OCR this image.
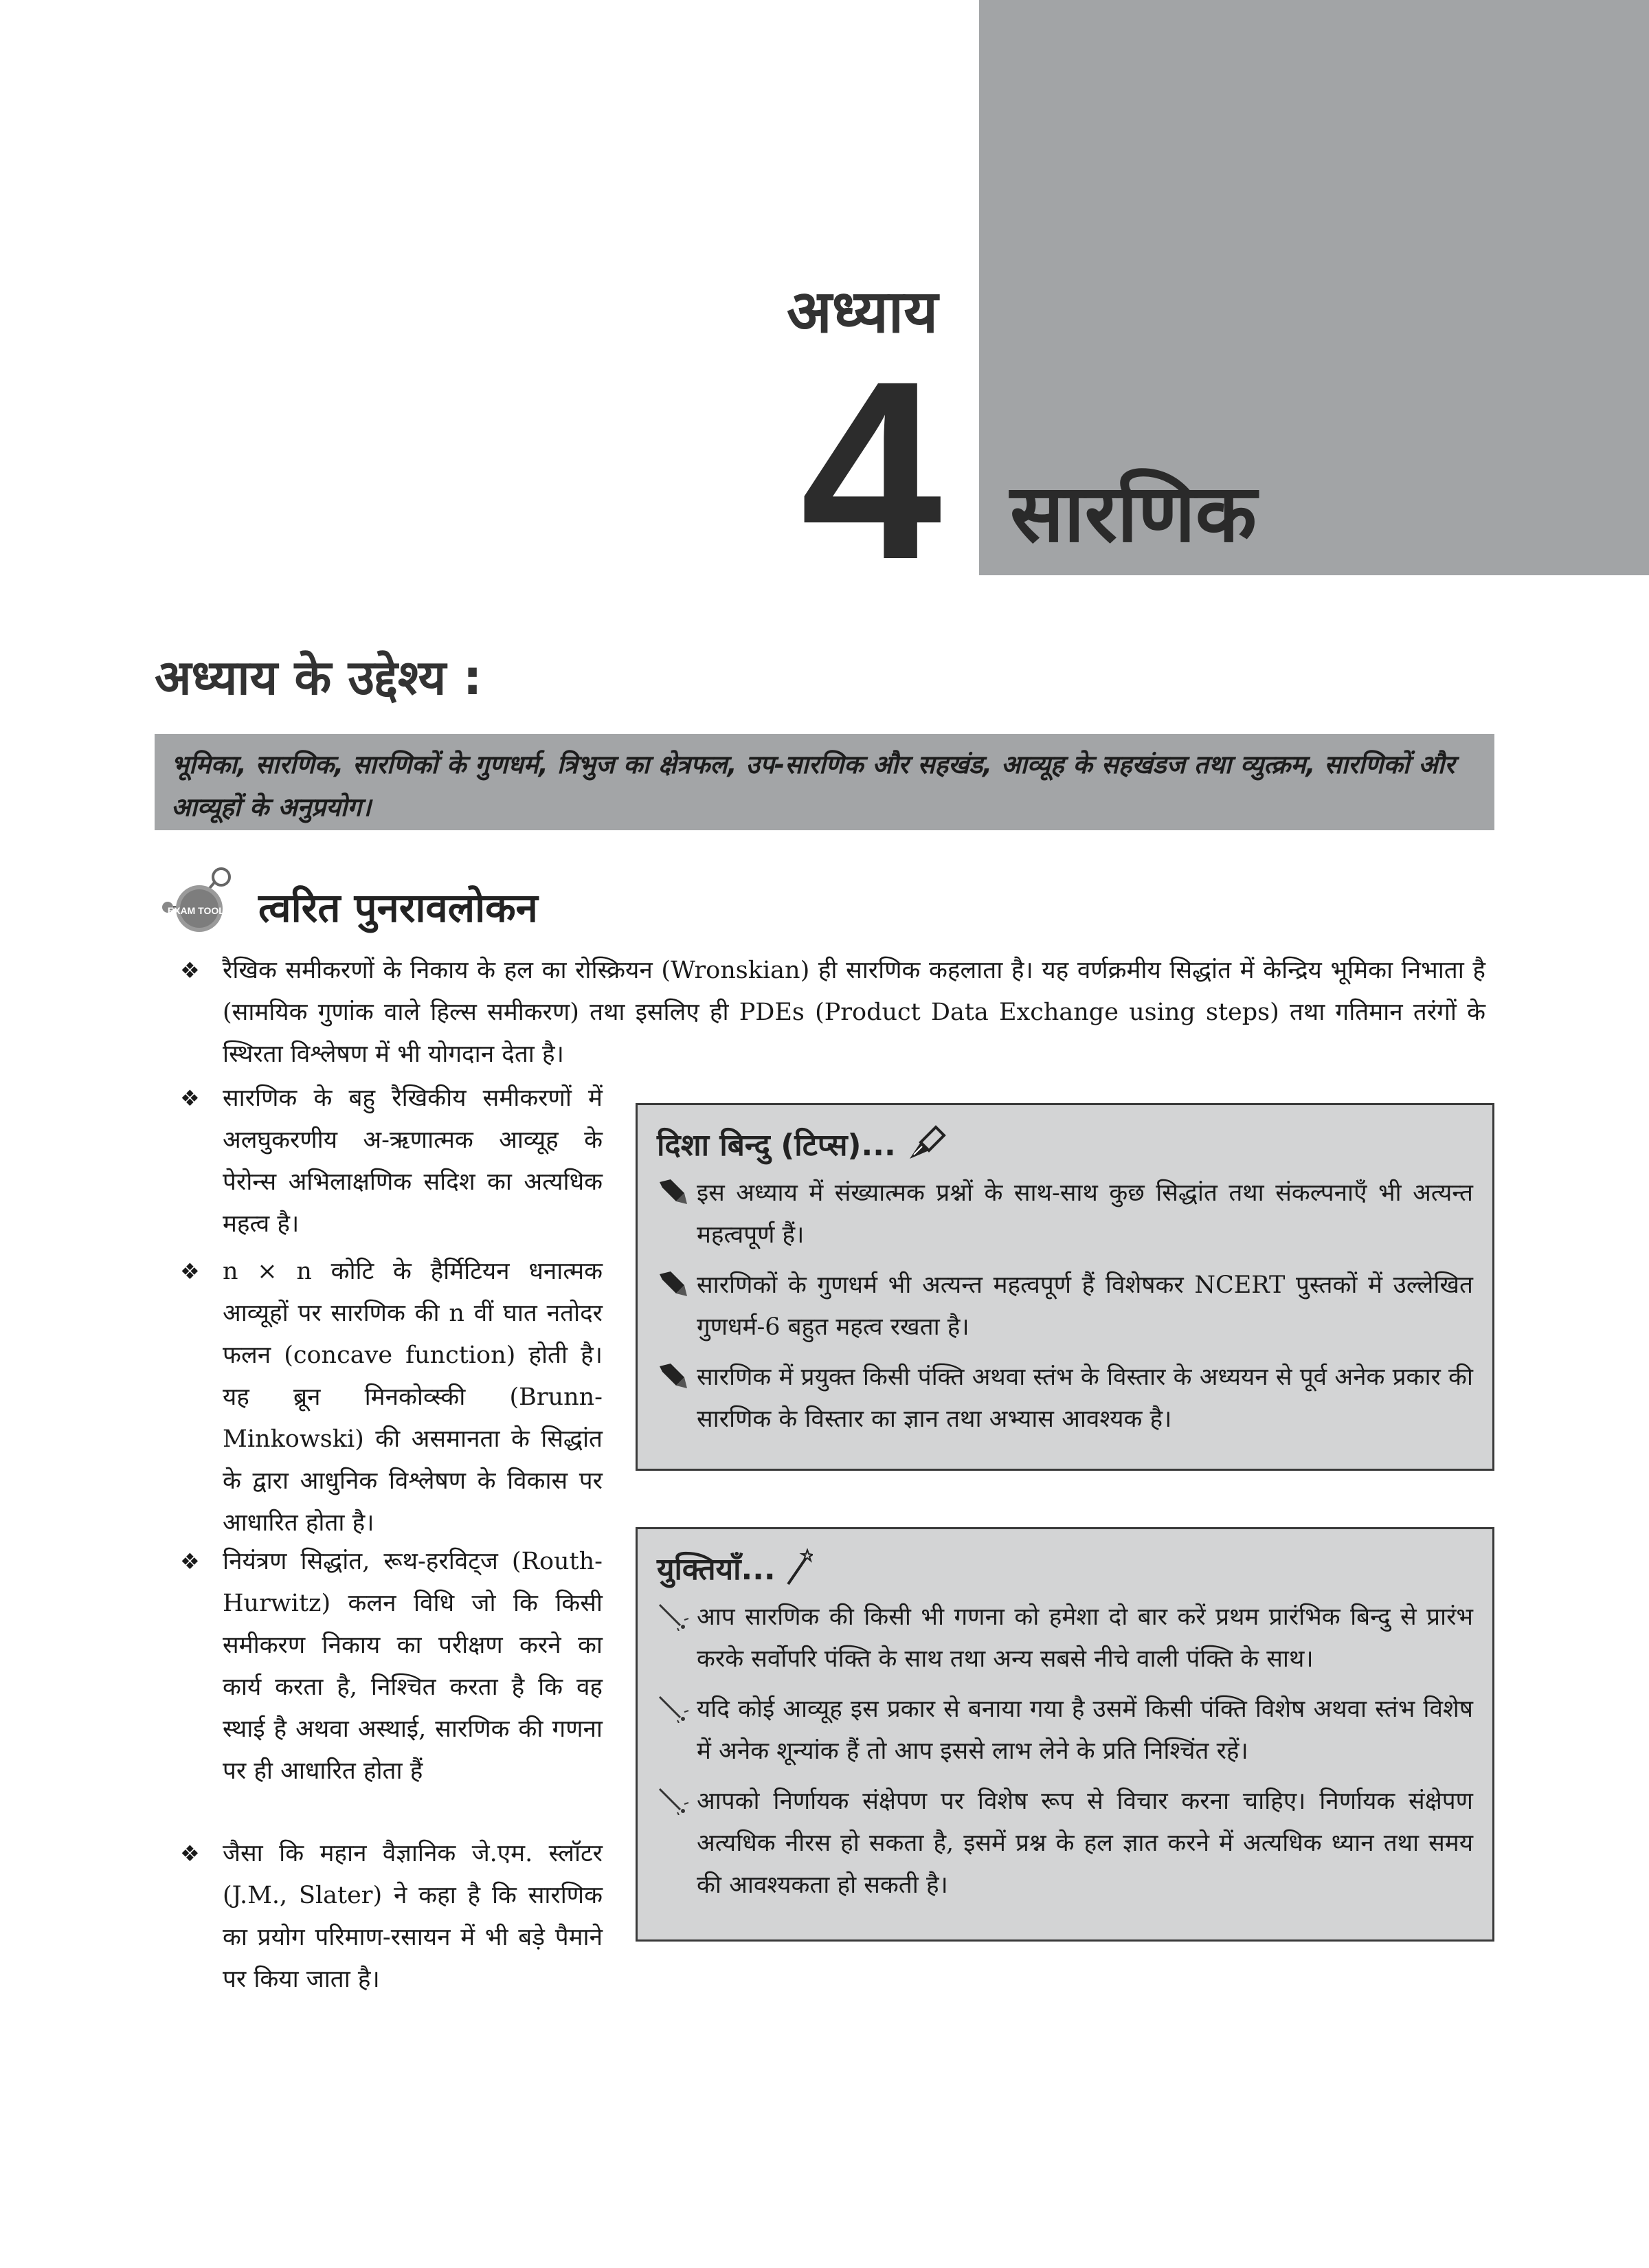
अध्याय
4 सारणिक
अध्याय के उद्देश्य :
भूमिका, सारणिक, सारणिकों के गुणधर्म, त्रिभुज का क्षेत्रफल, उप-सारणिक और सहखंड, आव्यूह के सहखंडज तथा व्युत्क्रम, सारणिकों और आव्यूहों के अनुप्रयोग।
EXAM TOOLS त्वरित पुनरावलोकन
❖ रैखिक समीकरणों के निकाय के हल का रोस्क्रियन (Wronskian) ही सारणिक कहलाता है। यह वर्णक्रमीय सिद्धांत में केन्द्रिय भूमिका निभाता है (सामयिक गुणांक वाले हिल्स समीकरण) तथा इसलिए ही PDEs (Product Data Exchange using steps) तथा गतिमान तरंगों के स्थिरता विश्लेषण में भी योगदान देता है।
❖ सारणिक के बहु रैखिकीय समीकरणों में अलघुकरणीय अ-ऋणात्मक आव्यूह के पेरोन्स अभिलाक्षणिक सदिश का अत्यधिक महत्व है।
❖ n × n कोटि के हैर्मिटियन धनात्मक आव्यूहों पर सारणिक की n वीं घात नतोदर फलन (concave function) होती है। यह ब्रून मिनकोव्स्की (Brunn-Minkowski) की असमानता के सिद्धांत के द्वारा आधुनिक विश्लेषण के विकास पर आधारित होता है।
❖ नियंत्रण सिद्धांत, रूथ-हरविट्ज (Routh-Hurwitz) कलन विधि जो कि किसी समीकरण निकाय का परीक्षण करने का कार्य करता है, निश्चित करता है कि वह स्थाई है अथवा अस्थाई, सारणिक की गणना पर ही आधारित होता हैं
❖ जैसा कि महान वैज्ञानिक जे.एम. स्लॉटर (J.M., Slater) ने कहा है कि सारणिक का प्रयोग परिमाण-रसायन में भी बड़े पैमाने पर किया जाता है।
दिशा बिन्दु (टिप्स)...
इस अध्याय में संख्यात्मक प्रश्नों के साथ-साथ कुछ सिद्धांत तथा संकल्पनाएँ भी अत्यन्त महत्वपूर्ण हैं।
सारणिकों के गुणधर्म भी अत्यन्त महत्वपूर्ण हैं विशेषकर NCERT पुस्तकों में उल्लेखित गुणधर्म-6 बहुत महत्व रखता है।
सारणिक में प्रयुक्त किसी पंक्ति अथवा स्तंभ के विस्तार के अध्ययन से पूर्व अनेक प्रकार की सारणिक के विस्तार का ज्ञान तथा अभ्यास आवश्यक है।
युक्तियाँ...
आप सारणिक की किसी भी गणना को हमेशा दो बार करें प्रथम प्रारंभिक बिन्दु से प्रारंभ करके सर्वोपरि पंक्ति के साथ तथा अन्य सबसे नीचे वाली पंक्ति के साथ।
यदि कोई आव्यूह इस प्रकार से बनाया गया है उसमें किसी पंक्ति विशेष अथवा स्तंभ विशेष में अनेक शून्यांक हैं तो आप इससे लाभ लेने के प्रति निश्चिंत रहें।
आपको निर्णायक संक्षेपण पर विशेष रूप से विचार करना चाहिए। निर्णायक संक्षेपण अत्यधिक नीरस हो सकता है, इसमें प्रश्न के हल ज्ञात करने में अत्यधिक ध्यान तथा समय की आवश्यकता हो सकती है।
